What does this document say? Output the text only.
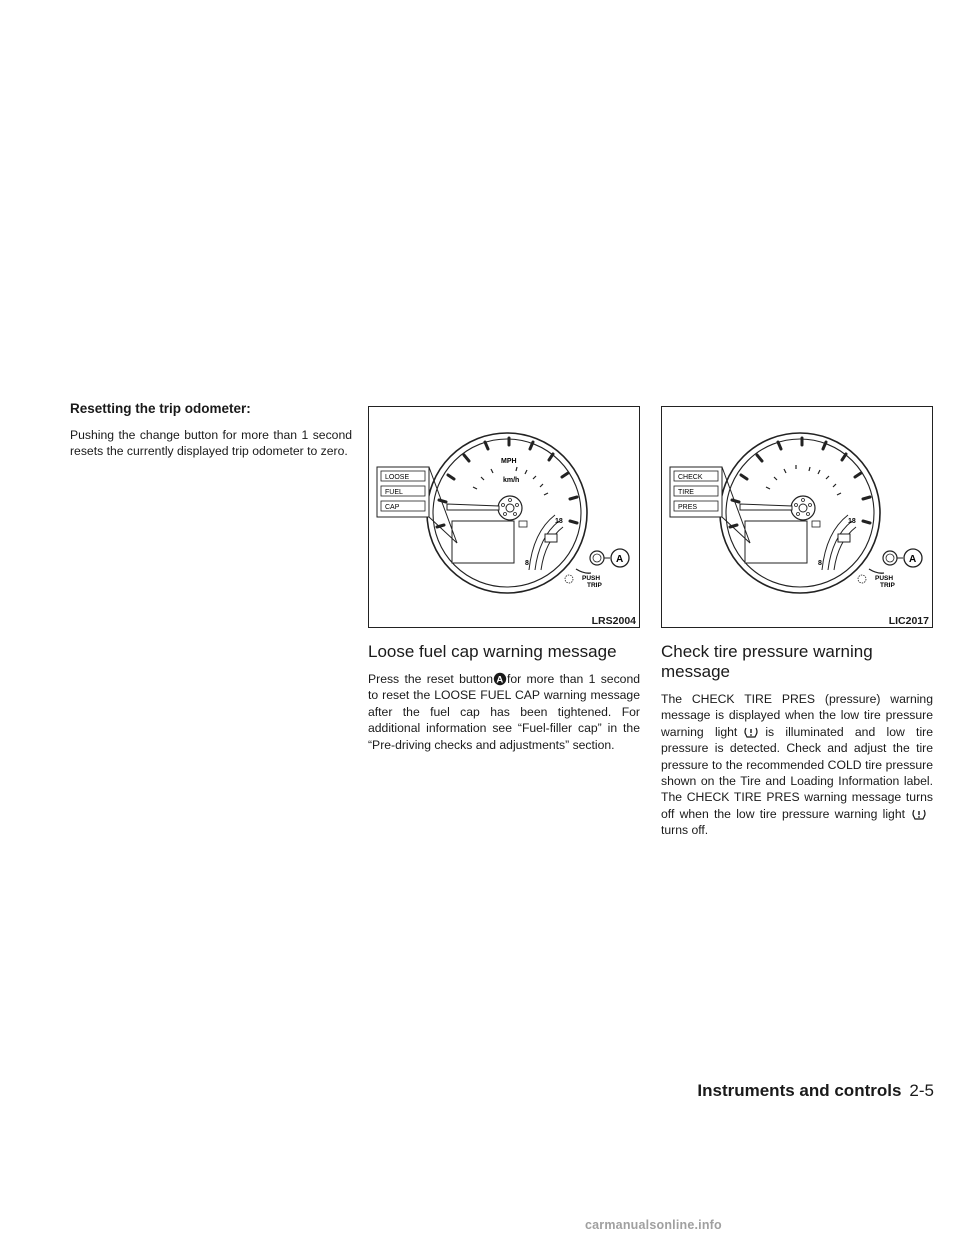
Resetting the trip odometer:

Pushing the change button for more than 1 second resets the currently displayed trip odometer to zero.

MPH
km/h
LOOSE
FUEL
CAP
18
8	A
PUSH
TRIP
LRS2004
Loose fuel cap warning message

Press the reset button A for more than 1 second to reset the LOOSE FUEL CAP warning message after the fuel cap has been tightened. For additional information see “Fuel-filler cap” in the “Pre-driving checks and adjustments” section.

CHECK
TIRE
PRES
18
8	A
PUSH
TRIP
LIC2017
Check tire pressure warning message

The CHECK TIRE PRES (pressure) warning message is displayed when the low tire pressure warning light is illuminated and low tire pressure is detected. Check and adjust the tire pressure to the recommended COLD tire pressure shown on the Tire and Loading Information label. The CHECK TIRE PRES warning message turns off when the low tire pressure warning lightturns off.

Instruments and controls 2-5
carmanualsonline.info
